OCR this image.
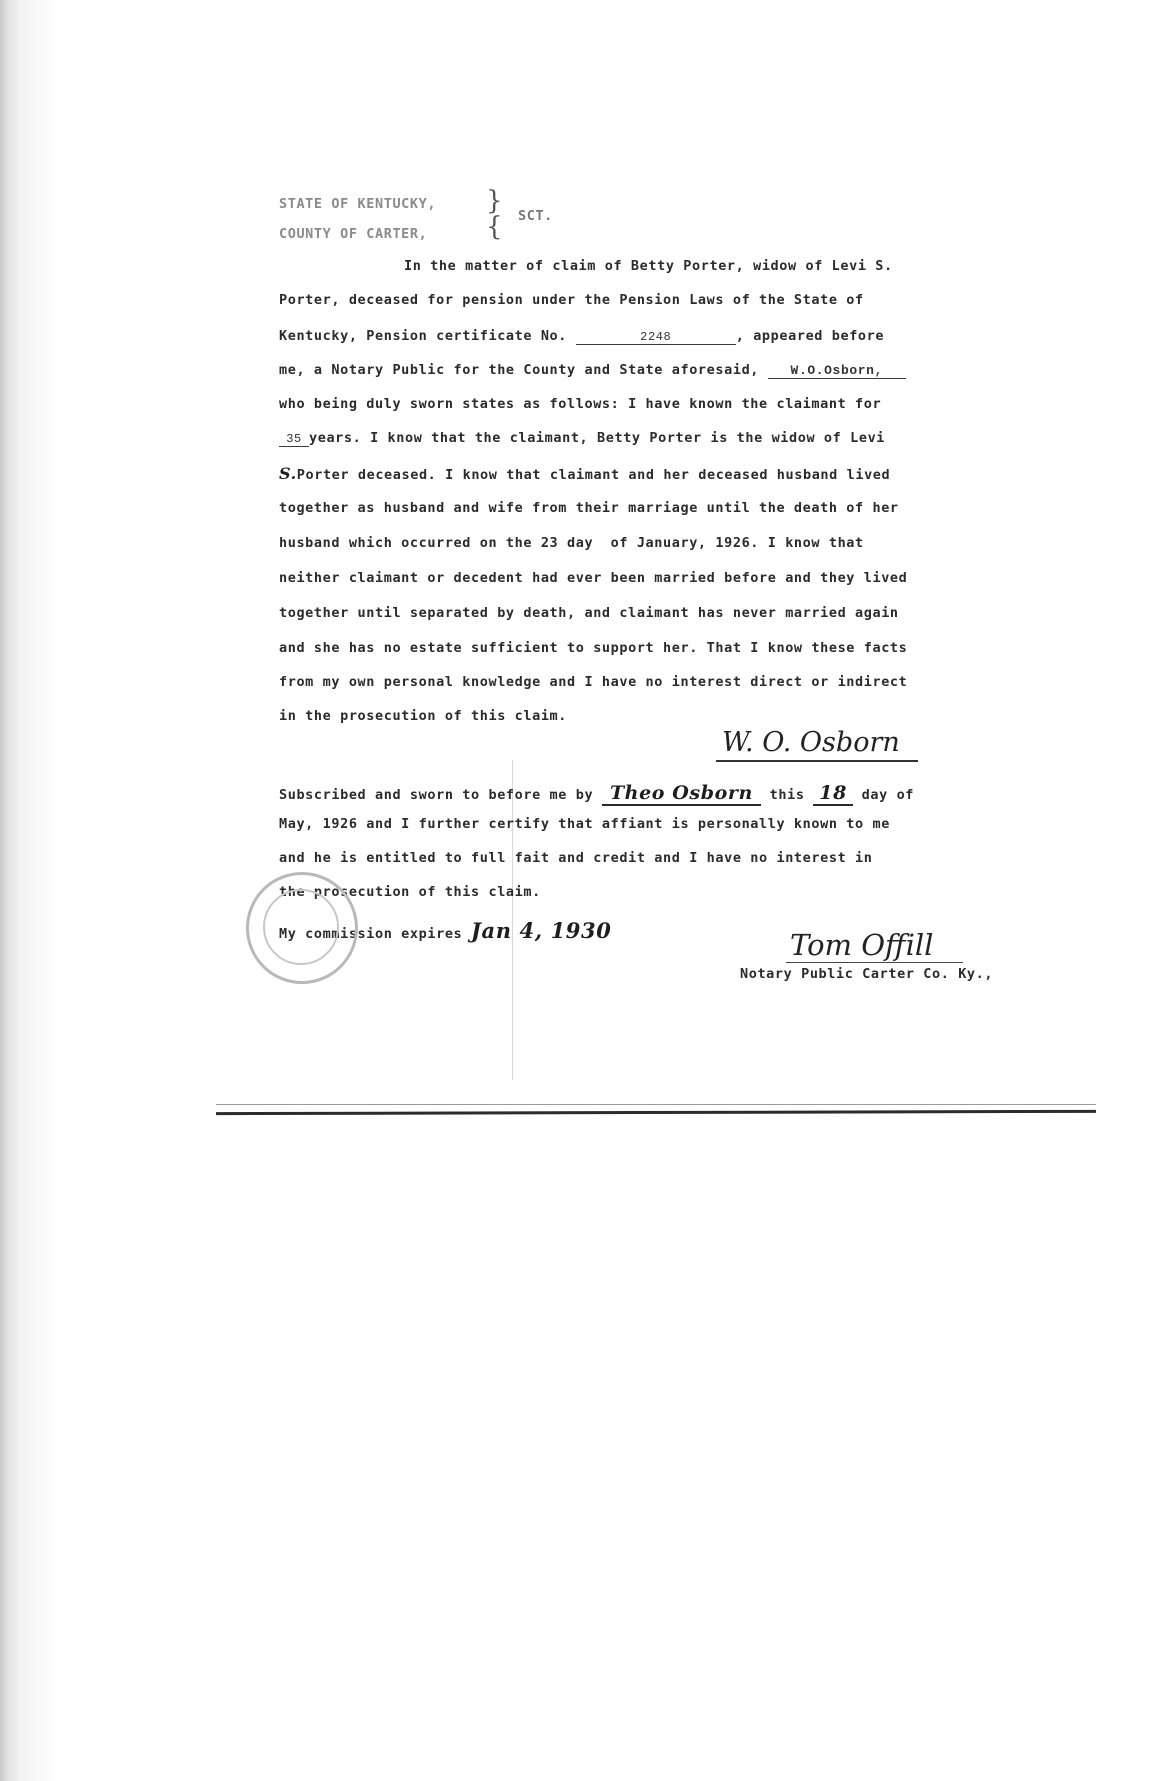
STATE OF KENTUCKY,
COUNTY OF CARTER,
}
{ SCT.
In the matter of claim of Betty Porter, widow of Levi S.
Porter, deceased for pension under the Pension Laws of the State of
Kentucky, Pension certificate No.	2248	, appeared before
me, a Notary Public for the County and State aforesaid, W.O.Osborn,
who being duly sworn states as follows: I have known the claimant for
35 years. I know that the claimant, Betty Porter is the widow of Levi
S.Porter deceased. I know that claimant and her deceased husband lived
together as husband and wife from their marriage until the death of her
husband which occurred on the 23 day  of January, 1926. I know that
neither claimant or decedent had ever been married before and they lived
together until separated by death, and claimant has never married again
and she has no estate sufficient to support her. That I know these facts
from my own personal knowledge and I have no interest direct or indirect
in the prosecution of this claim.
W. O. Osborn
Subscribed and sworn to before me by Theo Osborn this 18 day of
May, 1926 and I further certify that affiant is personally known to me
and he is entitled to full fait and credit and I have no interest in
the prosecution of this claim.
My commission expires Jan 4, 1930	Tom Offill
Notary Public Carter Co. Ky.,
